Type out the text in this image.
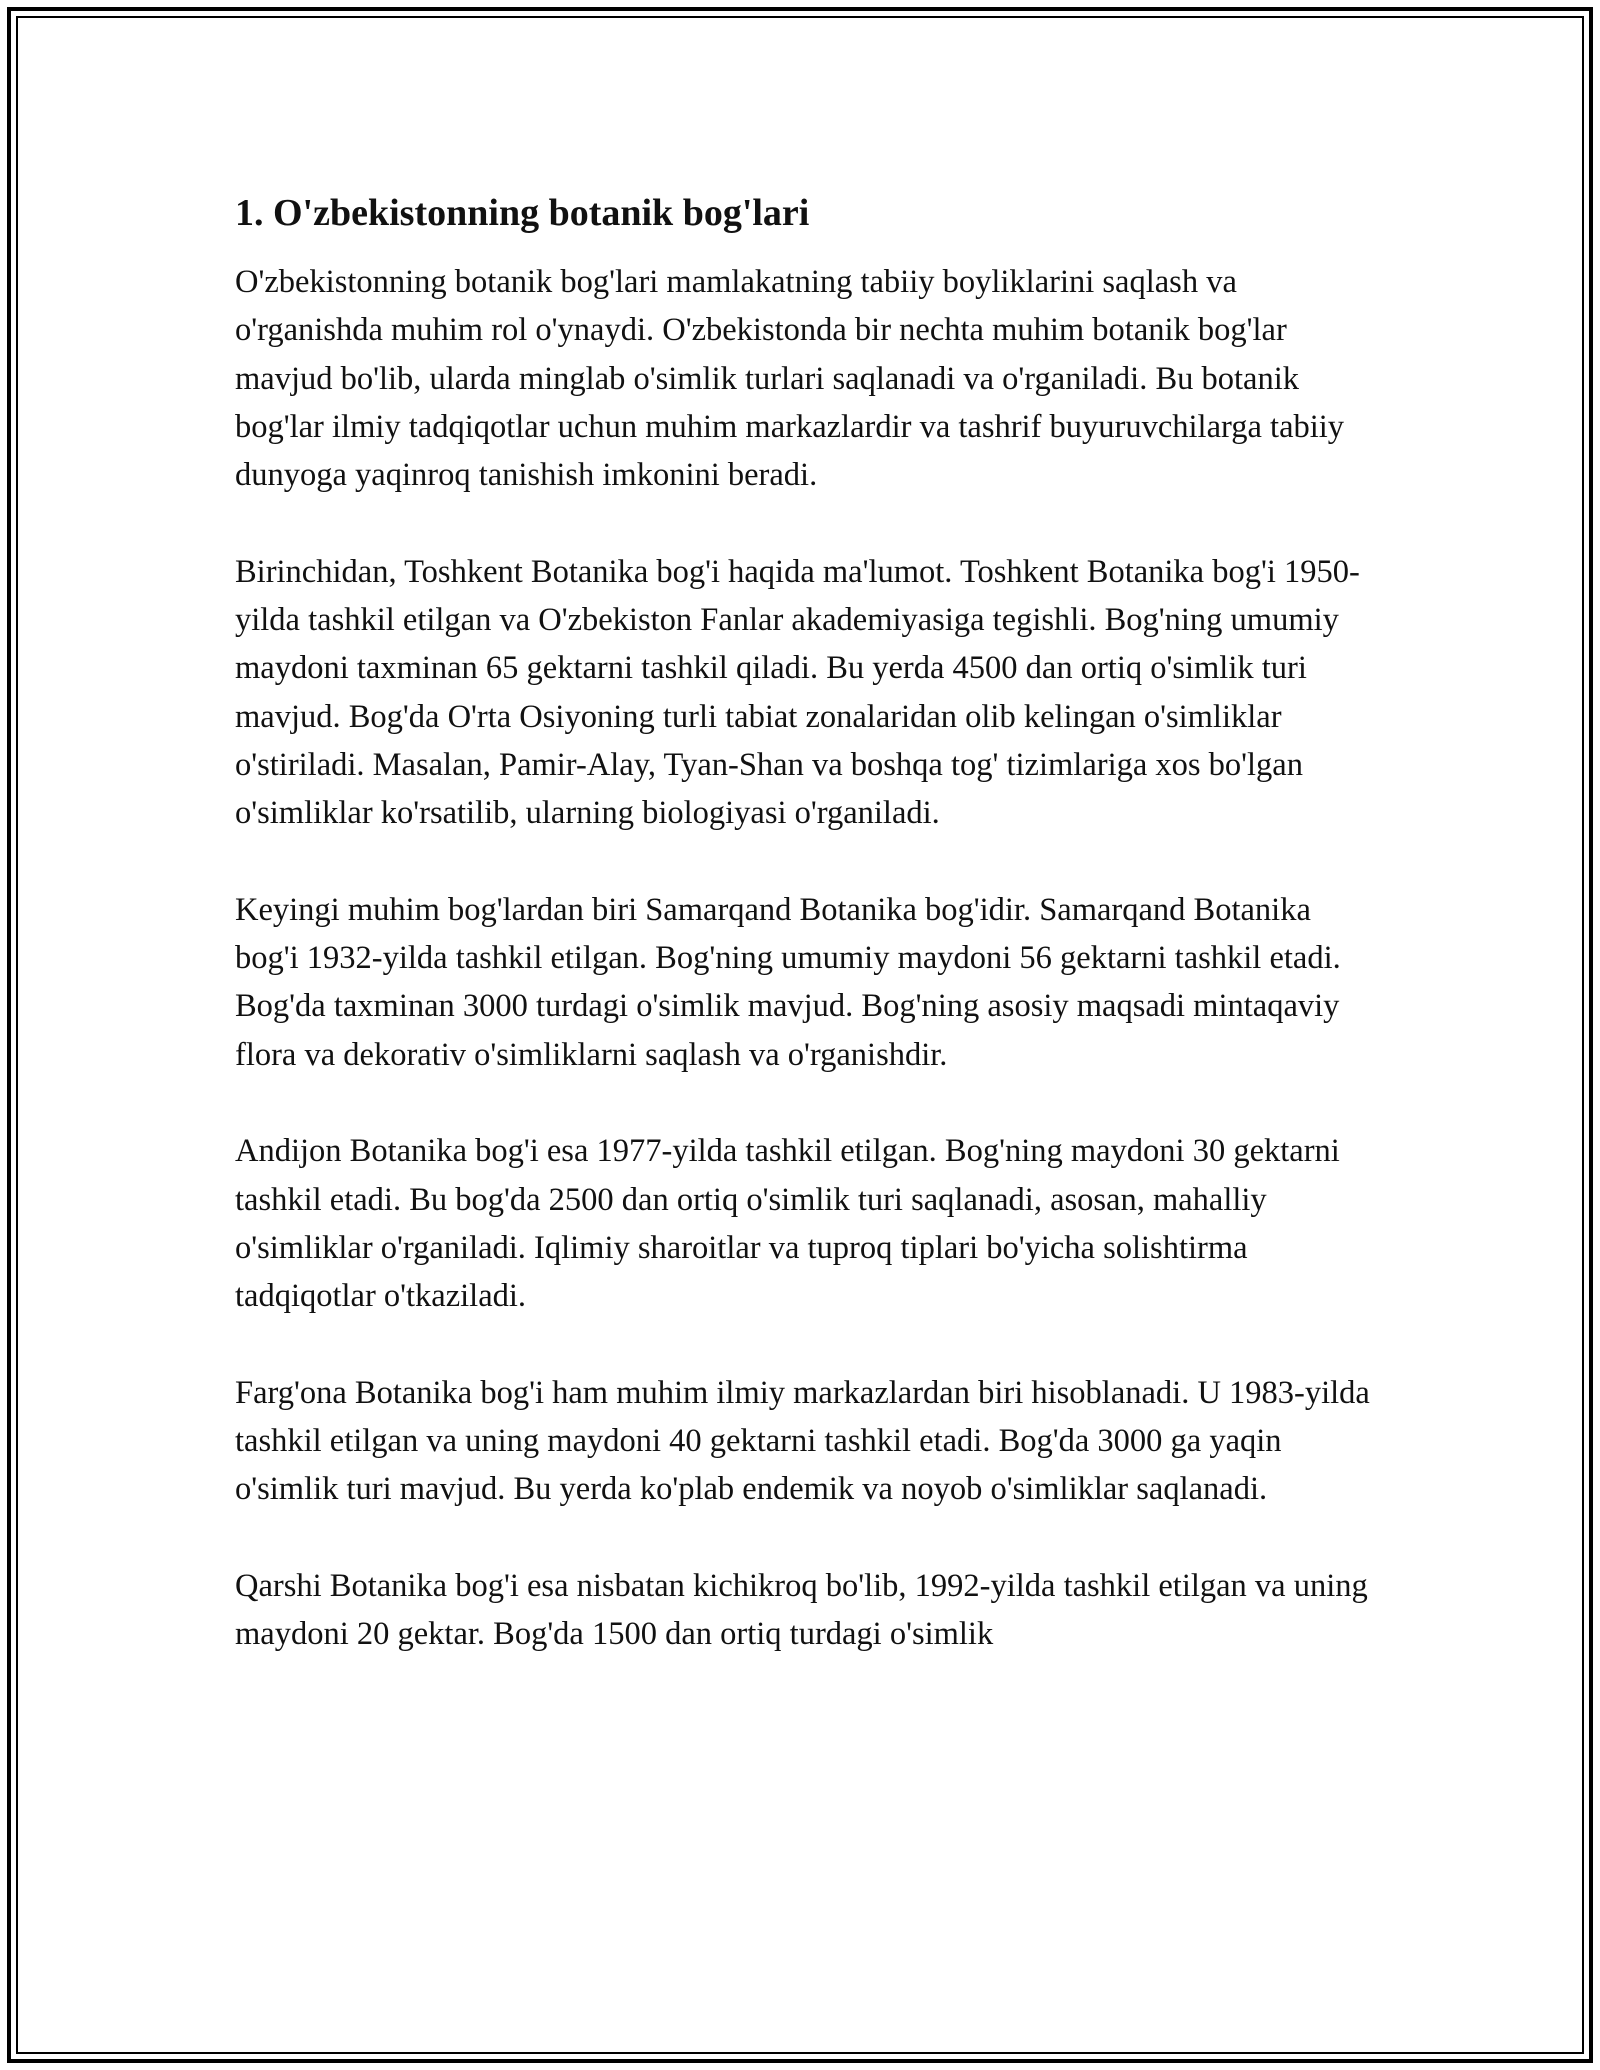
1. O'zbekistonning botanik bog'lari

O'zbekistonning botanik bog'lari mamlakatning tabiiy boyliklarini saqlash va o'rganishda muhim rol o'ynaydi. O'zbekistonda bir nechta muhim botanik bog'lar mavjud bo'lib, ularda minglab o'simlik turlari saqlanadi va o'rganiladi. Bu botanik bog'lar ilmiy tadqiqotlar uchun muhim markazlardir va tashrif buyuruvchilarga tabiiy dunyoga yaqinroq tanishish imkonini beradi.

Birinchidan, Toshkent Botanika bog'i haqida ma'lumot. Toshkent Botanika bog'i 1950-yilda tashkil etilgan va O'zbekiston Fanlar akademiyasiga tegishli. Bog'ning umumiy maydoni taxminan 65 gektarni tashkil qiladi. Bu yerda 4500 dan ortiq o'simlik turi mavjud. Bog'da O'rta Osiyoning turli tabiat zonalaridan olib kelingan o'simliklar o'stiriladi. Masalan, Pamir-Alay, Tyan-Shan va boshqa tog' tizimlariga xos bo'lgan o'simliklar ko'rsatilib, ularning biologiyasi o'rganiladi.

Keyingi muhim bog'lardan biri Samarqand Botanika bog'idir. Samarqand Botanika bog'i 1932-yilda tashkil etilgan. Bog'ning umumiy maydoni 56 gektarni tashkil etadi. Bog'da taxminan 3000 turdagi o'simlik mavjud. Bog'ning asosiy maqsadi mintaqaviy flora va dekorativ o'simliklarni saqlash va o'rganishdir.

Andijon Botanika bog'i esa 1977-yilda tashkil etilgan. Bog'ning maydoni 30 gektarni tashkil etadi. Bu bog'da 2500 dan ortiq o'simlik turi saqlanadi, asosan, mahalliy o'simliklar o'rganiladi. Iqlimiy sharoitlar va tuproq tiplari bo'yicha solishtirma tadqiqotlar o'tkaziladi.

Farg'ona Botanika bog'i ham muhim ilmiy markazlardan biri hisoblanadi. U 1983-yilda tashkil etilgan va uning maydoni 40 gektarni tashkil etadi. Bog'da 3000 ga yaqin o'simlik turi mavjud. Bu yerda ko'plab endemik va noyob o'simliklar saqlanadi.

Qarshi Botanika bog'i esa nisbatan kichikroq bo'lib, 1992-yilda tashkil etilgan va uning maydoni 20 gektar. Bog'da 1500 dan ortiq turdagi o'simlik
